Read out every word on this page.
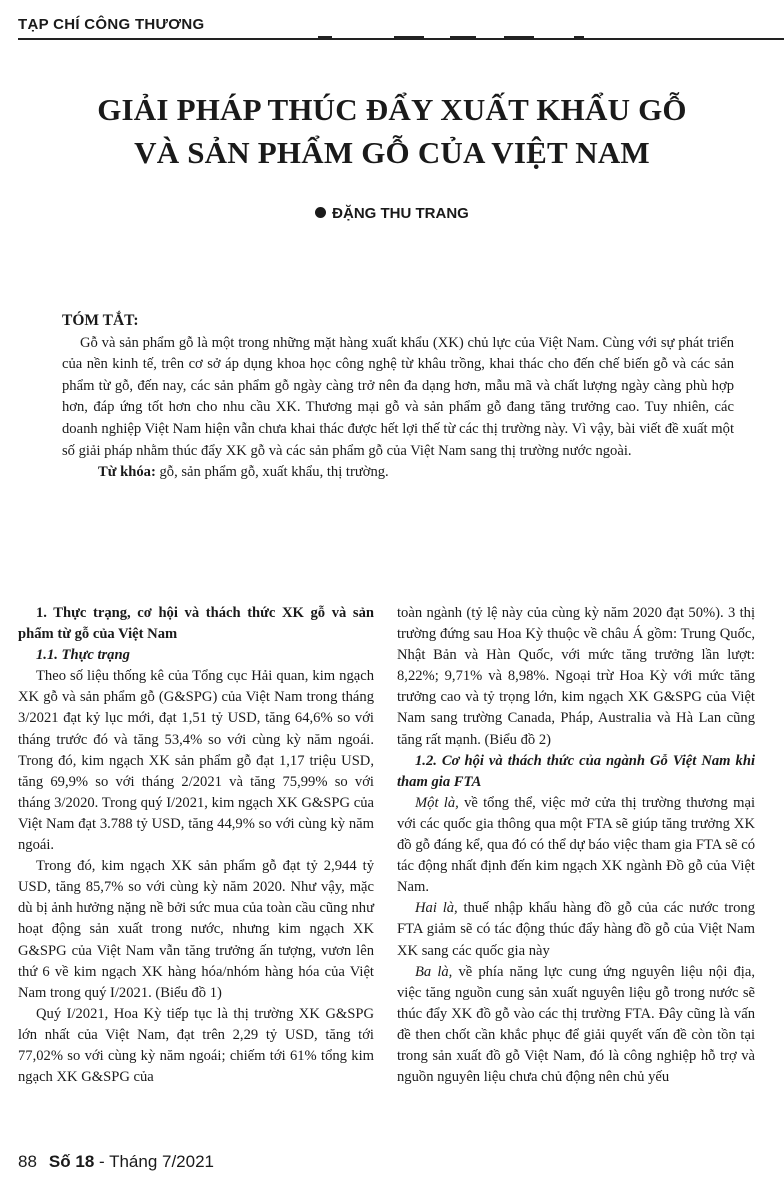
TẠP CHÍ CÔNG THƯƠNG
GIẢI PHÁP THÚC ĐẨY XUẤT KHẨU GỖ
VÀ SẢN PHẨM GỖ CỦA VIỆT NAM
ĐẶNG THU TRANG
TÓM TẮT:

Gỗ và sản phẩm gỗ là một trong những mặt hàng xuất khẩu (XK) chủ lực của Việt Nam. Cùng với sự phát triển của nền kinh tế, trên cơ sở áp dụng khoa học công nghệ từ khâu trồng, khai thác cho đến chế biến gỗ và các sản phẩm từ gỗ, đến nay, các sản phẩm gỗ ngày càng trở nên đa dạng hơn, mẫu mã và chất lượng ngày càng phù hợp hơn, đáp ứng tốt hơn cho nhu cầu XK. Thương mại gỗ và sản phẩm gỗ đang tăng trưởng cao. Tuy nhiên, các doanh nghiệp Việt Nam hiện vẫn chưa khai thác được hết lợi thế từ các thị trường này. Vì vậy, bài viết đề xuất một số giải pháp nhằm thúc đẩy XK gỗ và các sản phẩm gỗ của Việt Nam sang thị trường nước ngoài.

Từ khóa: gỗ, sản phẩm gỗ, xuất khẩu, thị trường.

1. Thực trạng, cơ hội và thách thức XK gỗ và sản phẩm từ gỗ của Việt Nam

1.1. Thực trạng

Theo số liệu thống kê của Tổng cục Hải quan, kim ngạch XK gỗ và sản phẩm gỗ (G&SPG) của Việt Nam trong tháng 3/2021 đạt kỷ lục mới, đạt 1,51 tỷ USD, tăng 64,6% so với tháng trước đó và tăng 53,4% so với cùng kỳ năm ngoái. Trong đó, kim ngạch XK sản phẩm gỗ đạt 1,17 triệu USD, tăng 69,9% so với tháng 2/2021 và tăng 75,99% so với tháng 3/2020. Trong quý I/2021, kim ngạch XK G&SPG của Việt Nam đạt 3.788 tỷ USD, tăng 44,9% so với cùng kỳ năm ngoái.

Trong đó, kim ngạch XK sản phẩm gỗ đạt tỷ 2,944 tỷ USD, tăng 85,7% so với cùng kỳ năm 2020. Như vậy, mặc dù bị ảnh hưởng nặng nề bởi sức mua của toàn cầu cũng như hoạt động sản xuất trong nước, nhưng kim ngạch XK G&SPG của Việt Nam vẫn tăng trưởng ấn tượng, vươn lên thứ 6 về kim ngạch XK hàng hóa/nhóm hàng hóa của Việt Nam trong quý I/2021. (Biểu đồ 1)

Quý I/2021, Hoa Kỳ tiếp tục là thị trường XK G&SPG lớn nhất của Việt Nam, đạt trên 2,29 tỷ USD, tăng tới 77,02% so với cùng kỳ năm ngoái; chiếm tới 61% tổng kim ngạch XK G&SPG của

toàn ngành (tỷ lệ này của cùng kỳ năm 2020 đạt 50%). 3 thị trường đứng sau Hoa Kỳ thuộc về châu Á gồm: Trung Quốc, Nhật Bản và Hàn Quốc, với mức tăng trưởng lần lượt: 8,22%; 9,71% và 8,98%. Ngoại trừ Hoa Kỳ với mức tăng trưởng cao và tỷ trọng lớn, kim ngạch XK G&SPG của Việt Nam sang trường Canada, Pháp, Australia và Hà Lan cũng tăng rất mạnh. (Biểu đồ 2)

1.2. Cơ hội và thách thức của ngành Gỗ Việt Nam khi tham gia FTA

Một là, về tổng thể, việc mở cửa thị trường thương mại với các quốc gia thông qua một FTA sẽ giúp tăng trưởng XK đồ gỗ đáng kể, qua đó có thể dự báo việc tham gia FTA sẽ có tác động nhất định đến kim ngạch XK ngành Đồ gỗ của Việt Nam.

Hai là, thuế nhập khẩu hàng đồ gỗ của các nước trong FTA giảm sẽ có tác động thúc đẩy hàng đồ gỗ của Việt Nam XK sang các quốc gia này

Ba là, về phía năng lực cung ứng nguyên liệu nội địa, việc tăng nguồn cung sản xuất nguyên liệu gỗ trong nước sẽ thúc đẩy XK đồ gỗ vào các thị trường FTA. Đây cũng là vấn đề then chốt cần khắc phục để giải quyết vấn đề còn tồn tại trong sản xuất đồ gỗ Việt Nam, đó là công nghiệp hỗ trợ và nguồn nguyên liệu chưa chủ động nên chủ yếu

88 Số 18 - Tháng 7/2021
